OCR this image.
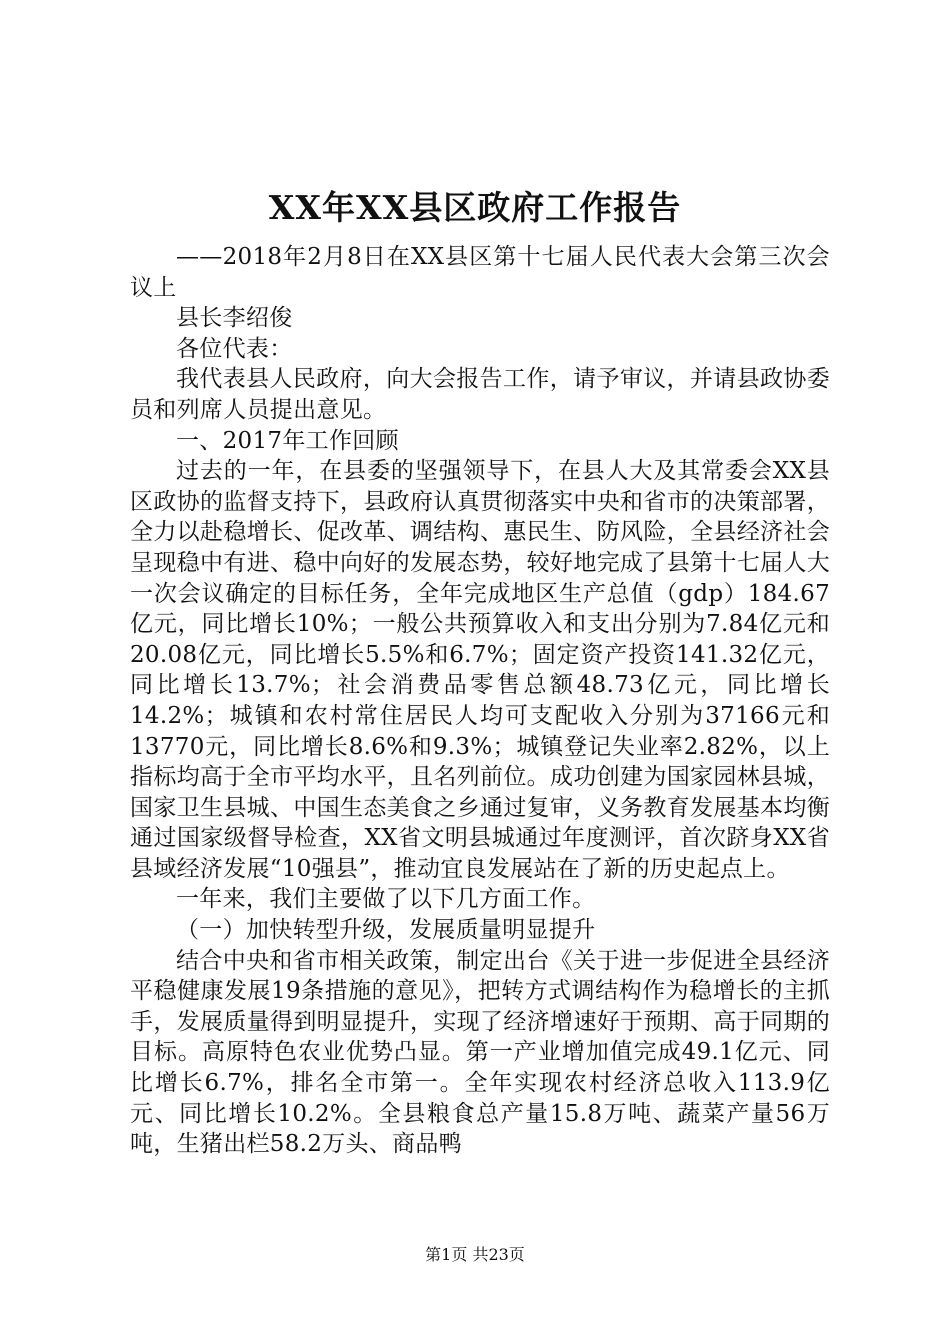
XX年XX县区政府工作报告

——2018年2月8日在XX县区第十七届人民代表大会第三次会议上

县长李绍俊

各位代表：

我代表县人民政府，向大会报告工作，请予审议，并请县政协委员和列席人员提出意见。

一、2017年工作回顾

过去的一年，在县委的坚强领导下，在县人大及其常委会XX县区政协的监督支持下，县政府认真贯彻落实中央和省市的决策部署，全力以赴稳增长、促改革、调结构、惠民生、防风险，全县经济社会呈现稳中有进、稳中向好的发展态势，较好地完成了县第十七届人大一次会议确定的目标任务，全年完成地区生产总值（gdp）184.67亿元，同比增长10%；一般公共预算收入和支出分别为7.84亿元和20.08亿元，同比增长5.5%和6.7%；固定资产投资141.32亿元，同比增长13.7%；社会消费品零售总额48.73亿元，同比增长14.2%；城镇和农村常住居民人均可支配收入分别为37166元和13770元，同比增长8.6%和9.3%；城镇登记失业率2.82%，以上指标均高于全市平均水平，且名列前位。成功创建为国家园林县城，国家卫生县城、中国生态美食之乡通过复审，义务教育发展基本均衡通过国家级督导检查，XX省文明县城通过年度测评，首次跻身XX省县域经济发展“10强县”，推动宜良发展站在了新的历史起点上。

一年来，我们主要做了以下几方面工作。

（一）加快转型升级，发展质量明显提升

结合中央和省市相关政策，制定出台《关于进一步促进全县经济平稳健康发展19条措施的意见》，把转方式调结构作为稳增长的主抓手，发展质量得到明显提升，实现了经济增速好于预期、高于同期的目标。高原特色农业优势凸显。第一产业增加值完成49.1亿元、同比增长6.7%，排名全市第一。全年实现农村经济总收入113.9亿元、同比增长10.2%。全县粮食总产量15.8万吨、蔬菜产量56万吨，生猪出栏58.2万头、商品鸭

第1页 共23页
